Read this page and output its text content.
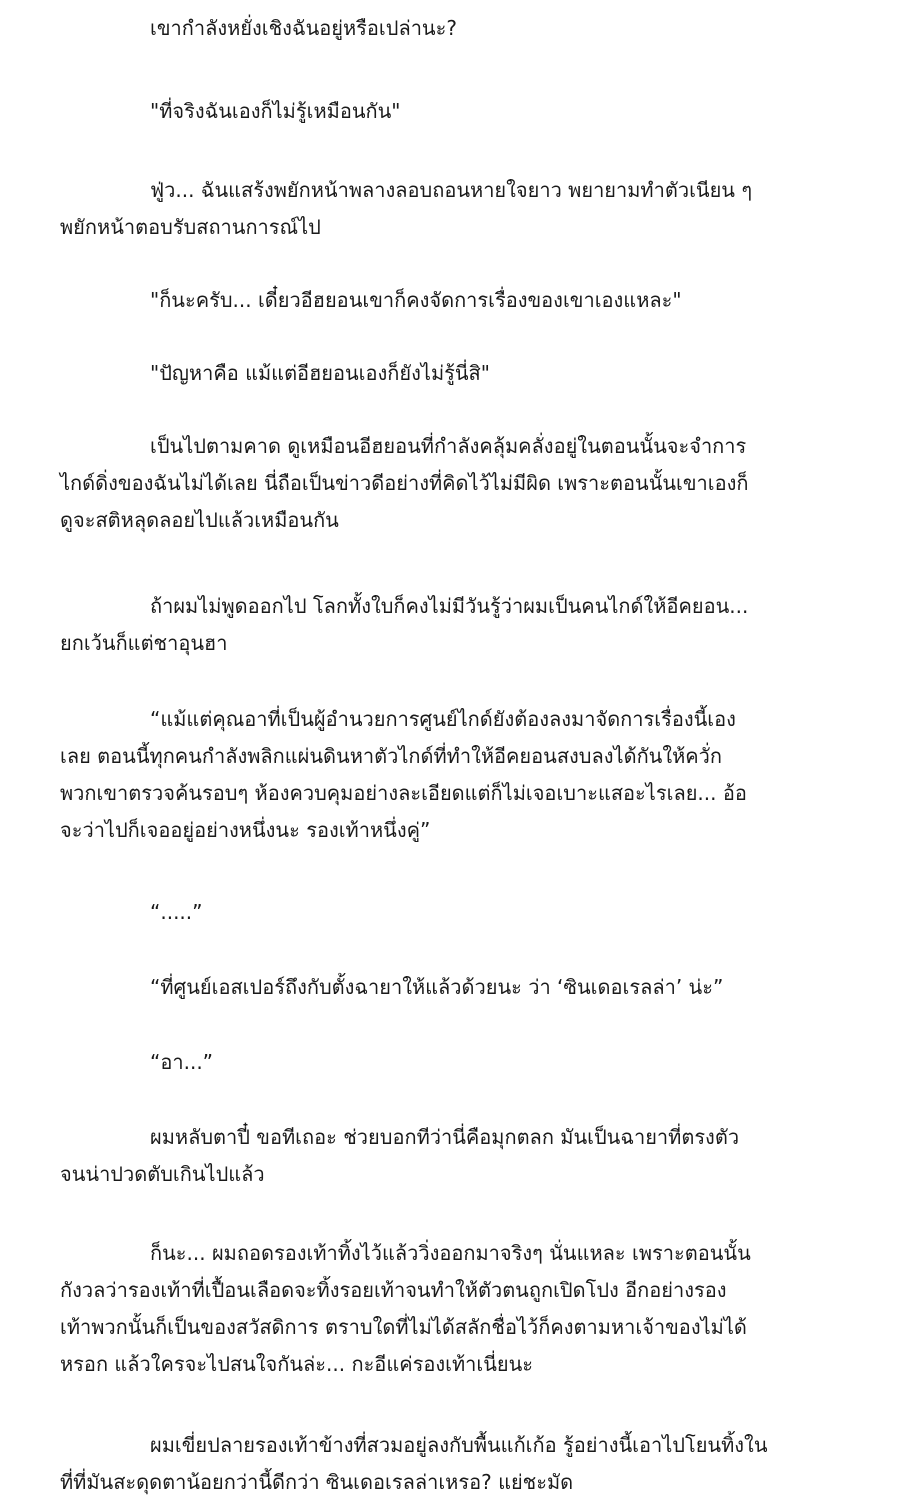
เขากำลังหยั่งเชิงฉันอยู่หรือเปล่านะ?

"ที่จริงฉันเองก็ไม่รู้เหมือนกัน"

ฟู่ว... ฉันแสร้งพยักหน้าพลางลอบถอนหายใจยาว พยายามทำตัวเนียน ๆ
พยักหน้าตอบรับสถานการณ์ไป

"ก็นะครับ... เดี๋ยวอีฮยอนเขาก็คงจัดการเรื่องของเขาเองแหละ"

"ปัญหาคือ แม้แต่อีฮยอนเองก็ยังไม่รู้นี่สิ"

เป็นไปตามคาด ดูเหมือนอีฮยอนที่กำลังคลุ้มคลั่งอยู่ในตอนนั้นจะจำการ
ไกด์ดิ่งของฉันไม่ได้เลย นี่ถือเป็นข่าวดีอย่างที่คิดไว้ไม่มีผิด เพราะตอนนั้นเขาเองก็
ดูจะสติหลุดลอยไปแล้วเหมือนกัน

ถ้าผมไม่พูดออกไป โลกทั้งใบก็คงไม่มีวันรู้ว่าผมเป็นคนไกด์ให้อีคยอน...
ยกเว้นก็แต่ชาอุนฮา

“แม้แต่คุณอาที่เป็นผู้อำนวยการศูนย์ไกด์ยังต้องลงมาจัดการเรื่องนี้เอง
เลย ตอนนี้ทุกคนกำลังพลิกแผ่นดินหาตัวไกด์ที่ทำให้อีคยอนสงบลงได้กันให้ควั่ก
พวกเขาตรวจค้นรอบๆ ห้องควบคุมอย่างละเอียดแต่ก็ไม่เจอเบาะแสอะไรเลย... อ้อ
จะว่าไปก็เจออยู่อย่างหนึ่งนะ รองเท้าหนึ่งคู่”

“.....”

“ที่ศูนย์เอสเปอร์ถึงกับตั้งฉายาให้แล้วด้วยนะ ว่า ‘ซินเดอเรลล่า’ น่ะ”

“อา...”

ผมหลับตาปี๋ ขอทีเถอะ ช่วยบอกทีว่านี่คือมุกตลก มันเป็นฉายาที่ตรงตัว
จนน่าปวดตับเกินไปแล้ว

ก็นะ... ผมถอดรองเท้าทิ้งไว้แล้ววิ่งออกมาจริงๆ นั่นแหละ เพราะตอนนั้น
กังวลว่ารองเท้าที่เปื้อนเลือดจะทิ้งรอยเท้าจนทำให้ตัวตนถูกเปิดโปง อีกอย่างรอง
เท้าพวกนั้นก็เป็นของสวัสดิการ ตราบใดที่ไม่ได้สลักชื่อไว้ก็คงตามหาเจ้าของไม่ได้
หรอก แล้วใครจะไปสนใจกันล่ะ... กะอีแค่รองเท้าเนี่ยนะ

ผมเขี่ยปลายรองเท้าข้างที่สวมอยู่ลงกับพื้นแก้เก้อ รู้อย่างนี้เอาไปโยนทิ้งใน
ที่ที่มันสะดุดตาน้อยกว่านี้ดีกว่า ซินเดอเรลล่าเหรอ? แย่ชะมัด
